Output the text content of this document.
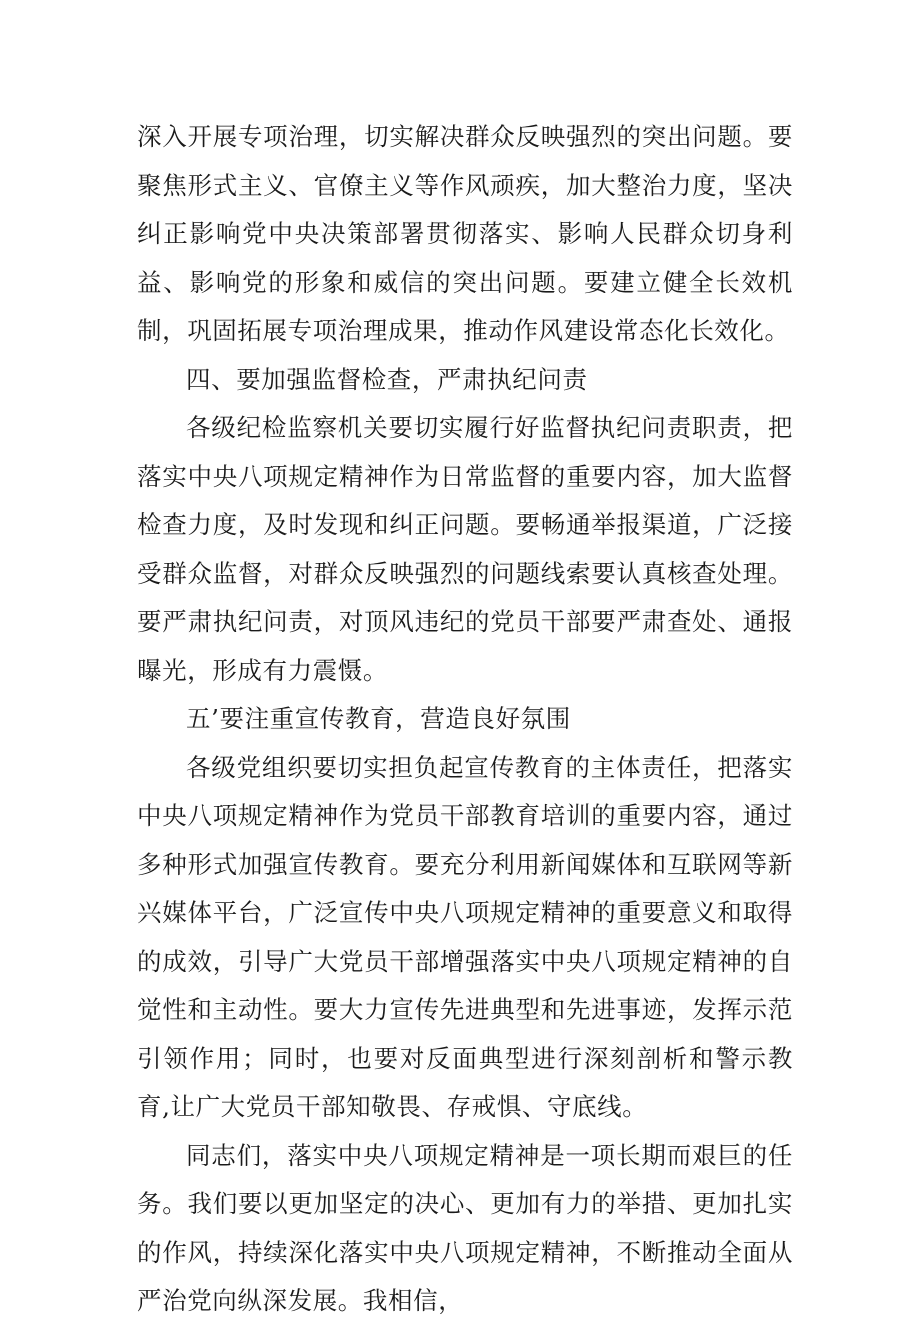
深入开展专项治理，切实解决群众反映强烈的突出问题。要聚焦形式主义、官僚主义等作风顽疾，加大整治力度，坚决纠正影响党中央决策部署贯彻落实、影响人民群众切身利益、影响党的形象和威信的突出问题。要建立健全长效机制，巩固拓展专项治理成果，推动作风建设常态化长效化。

四、要加强监督检查，严肃执纪问责

各级纪检监察机关要切实履行好监督执纪问责职责，把落实中央八项规定精神作为日常监督的重要内容，加大监督检查力度，及时发现和纠正问题。要畅通举报渠道，广泛接受群众监督，对群众反映强烈的问题线索要认真核查处理。要严肃执纪问责，对顶风违纪的党员干部要严肃查处、通报曝光，形成有力震慑。

五’要注重宣传教育，营造良好氛围

各级党组织要切实担负起宣传教育的主体责任，把落实中央八项规定精神作为党员干部教育培训的重要内容，通过多种形式加强宣传教育。要充分利用新闻媒体和互联网等新兴媒体平台，广泛宣传中央八项规定精神的重要意义和取得的成效，引导广大党员干部增强落实中央八项规定精神的自觉性和主动性。要大力宣传先进典型和先进事迹，发挥示范引领作用；同时，也要对反面典型进行深刻剖析和警示教育,让广大党员干部知敬畏、存戒惧、守底线。

同志们，落实中央八项规定精神是一项长期而艰巨的任务。我们要以更加坚定的决心、更加有力的举措、更加扎实的作风，持续深化落实中央八项规定精神，不断推动全面从严治党向纵深发展。我相信，
